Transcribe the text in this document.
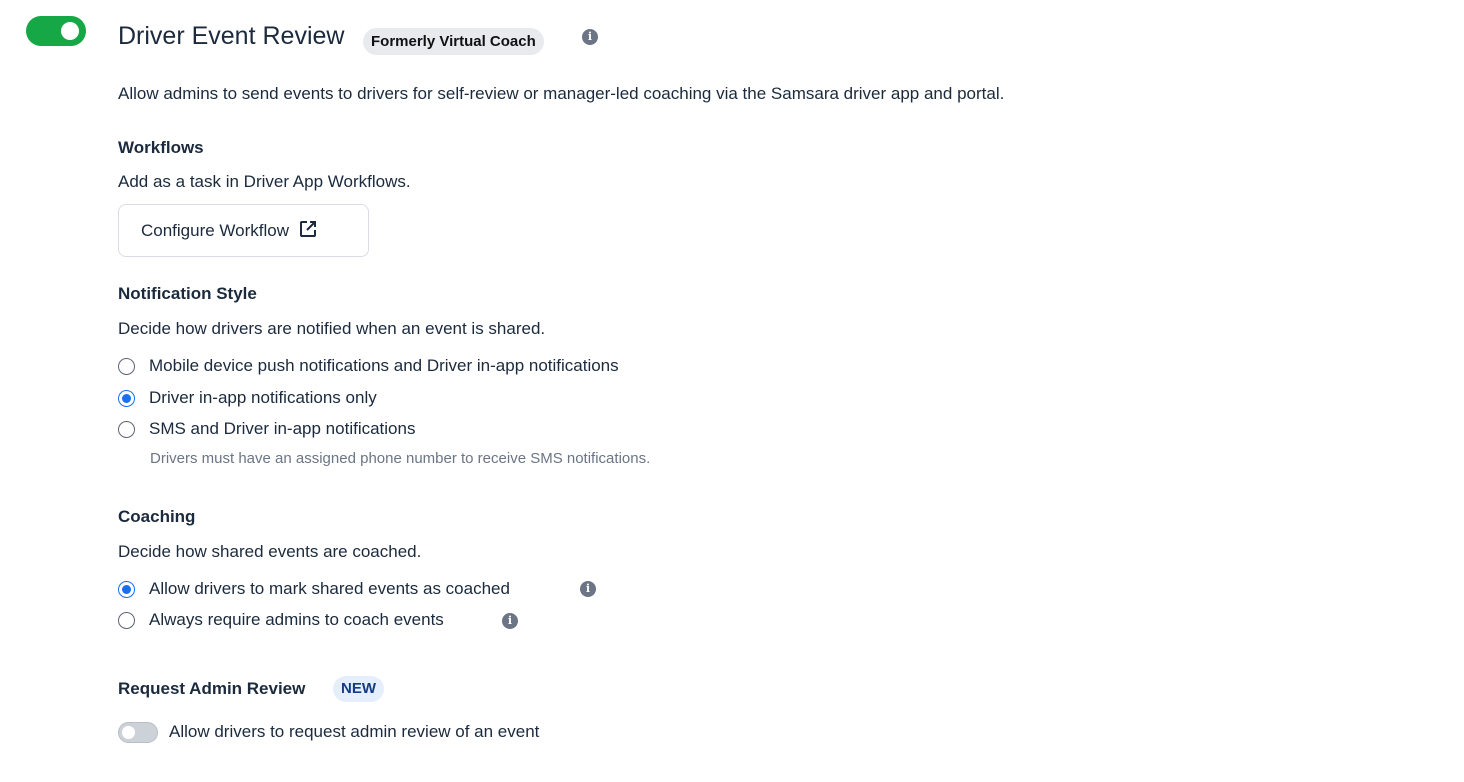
Driver Event Review	Formerly Virtual Coach	i
Allow admins to send events to drivers for self-review or manager-led coaching via the Samsara driver app and portal.
Workflows
Add as a task in Driver App Workflows.
Configure Workflow
Notification Style
Decide how drivers are notified when an event is shared.
Mobile device push notifications and Driver in-app notifications
Driver in-app notifications only
SMS and Driver in-app notifications
Drivers must have an assigned phone number to receive SMS notifications.
Coaching
Decide how shared events are coached.
Allow drivers to mark shared events as coached	i
Always require admins to coach events	i
Request Admin Review	NEW
Allow drivers to request admin review of an event
